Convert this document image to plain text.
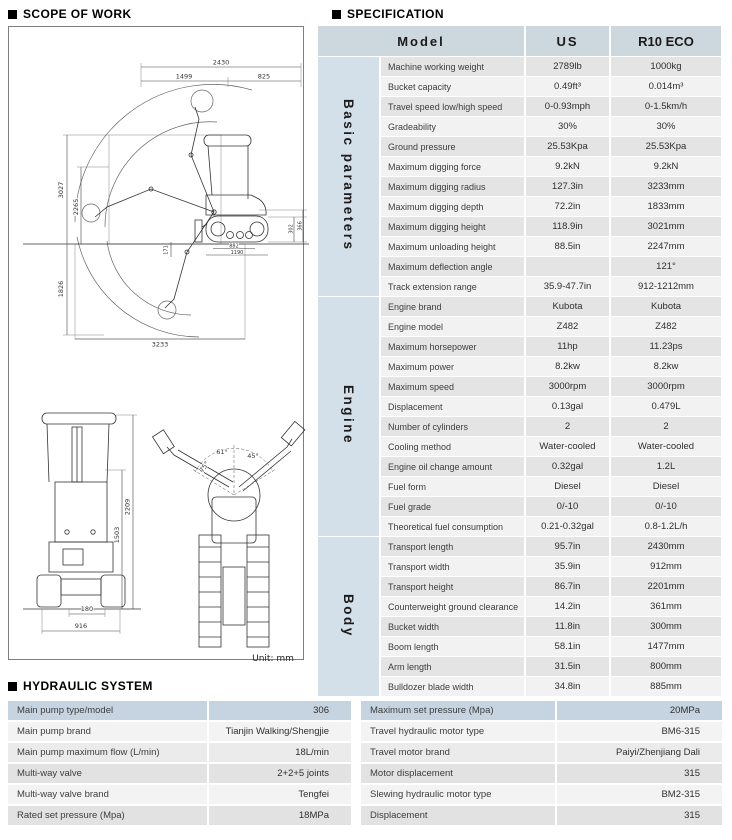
SCOPE OF WORK
2430
1499	825
3027
2265
1826
3233
882
1190
302 366
171
2209
1503
180
916
75°
61°	45°
Unit: mm
SPECIFICATION
Model		US	R10 ECO
Basic parameters	Machine working weight	2789lb	1000kg
	Bucket capacity	0.49ft³	0.014m³
	Travel speed low/high speed	0-0.93mph	0-1.5km/h
	Gradeability	30%	30%
	Ground pressure	25.53Kpa	25.53Kpa
	Maximum digging force	9.2kN	9.2kN
	Maximum digging radius	127.3in	3233mm
	Maximum digging depth	72.2in	1833mm
	Maximum digging height	118.9in	3021mm
	Maximum unloading height	88.5in	2247mm
	Maximum deflection angle		121°
	Track extension range	35.9-47.7in	912-1212mm
Engine	Engine brand	Kubota	Kubota
	Engine model	Z482	Z482
	Maximum horsepower	11hp	11.23ps
	Maximum power	8.2kw	8.2kw
	Maximum speed	3000rpm	3000rpm
	Displacement	0.13gal	0.479L
	Number of cylinders	2	2
	Cooling method	Water-cooled	Water-cooled
	Engine oil change amount	0.32gal	1.2L
	Fuel form	Diesel	Diesel
	Fuel grade	0/-10	0/-10
	Theoretical fuel consumption	0.21-0.32gal	0.8-1.2L/h
Body	Transport length	95.7in	2430mm
	Transport width	35.9in	912mm
	Transport height	86.7in	2201mm
	Counterweight ground clearance	14.2in	361mm
	Bucket width	11.8in	300mm
	Boom length	58.1in	1477mm
	Arm length	31.5in	800mm
	Bulldozer blade width	34.8in	885mm
HYDRAULIC SYSTEM
Main pump type/model	306
Main pump brand	Tianjin Walking/Shengjie
Main pump maximum flow (L/min)	18L/min
Multi-way valve	2+2+5 joints
Multi-way valve brand	Tengfei
Rated set pressure (Mpa)	18MPa
Maximum set pressure (Mpa)	20MPa
Travel hydraulic motor type	BM6-315
Travel motor brand	Paiyi/Zhenjiang Dali
Motor displacement	315
Slewing hydraulic motor type	BM2-315
Displacement	315
